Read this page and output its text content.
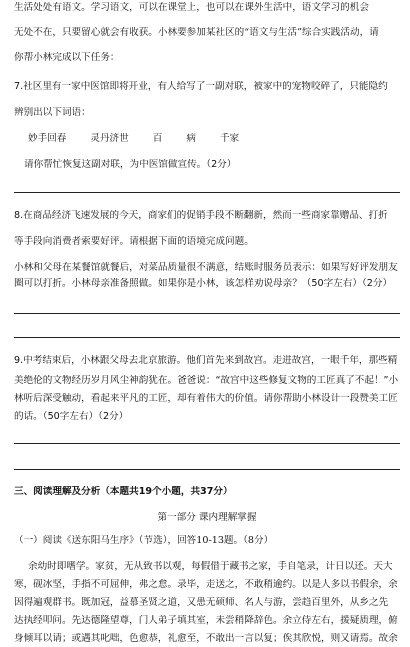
生活处处有语文。学习语文，可以在课堂上，也可以在课外生活中，语文学习的机会
无处不在，只要留心就会有收获。小林要参加某社区的“语文与生活”综合实践活动，请
你帮小林完成以下任务：
7.社区里有一家中医馆即将开业，有人给写了一副对联，被家中的宠物咬碎了，只能隐约
辨别出以下词语：
妙手回春	灵丹济世	百	病	千家
请你帮忙恢复这副对联，为中医馆做宣传。（2分）
8.在商品经济飞速发展的今天，商家们的促销手段不断翻新，然而一些商家靠赠品、打折
等手段向消费者索要好评。请根据下面的语境完成问题。
小林和父母在某餐馆就餐后，对菜品质量很不满意，结账时服务员表示：如果写好评发朋友
圈可以打折。小林母亲准备照做。如果你是小林，该怎样劝说母亲？（50字左右）（2分）
9.中考结束后，小林跟父母去北京旅游。他们首先来到故宫。走进故宫，一眼千年，那些精
美绝伦的文物经历岁月风尘神韵犹在。爸爸说：“故宫中这些修复文物的工匠真了不起！”小
林听后深受触动，看起来平凡的工匠，却有着伟大的价值。请你帮助小林设计一段赞美工匠
的话。（50字左右）（2分）
三、阅读理解及分析（本题共19个小题，共37分）
第一部分 课内理解掌握
（一）阅读《送东阳马生序》（节选），回答10-13题。（8分）
余幼时即嗜学。家贫，无从致书以观，每假借于藏书之家，手自笔录，计日以还。天大
寒，砚冰坚，手指不可屈伸，弗之怠。录毕，走送之，不敢稍逾约。以是人多以书假余，余
因得遍观群书。既加冠，益慕圣贤之道，又患无硕师、名人与游，尝趋百里外，从乡之先
达执经叩问。先达德隆望尊，门人弟子填其室，未尝稍降辞色。余立侍左右，援疑质理，俯
身倾耳以请；或遇其叱咄，色愈恭，礼愈至，不敢出一言以复；俟其欣悦，则又请焉。故余
